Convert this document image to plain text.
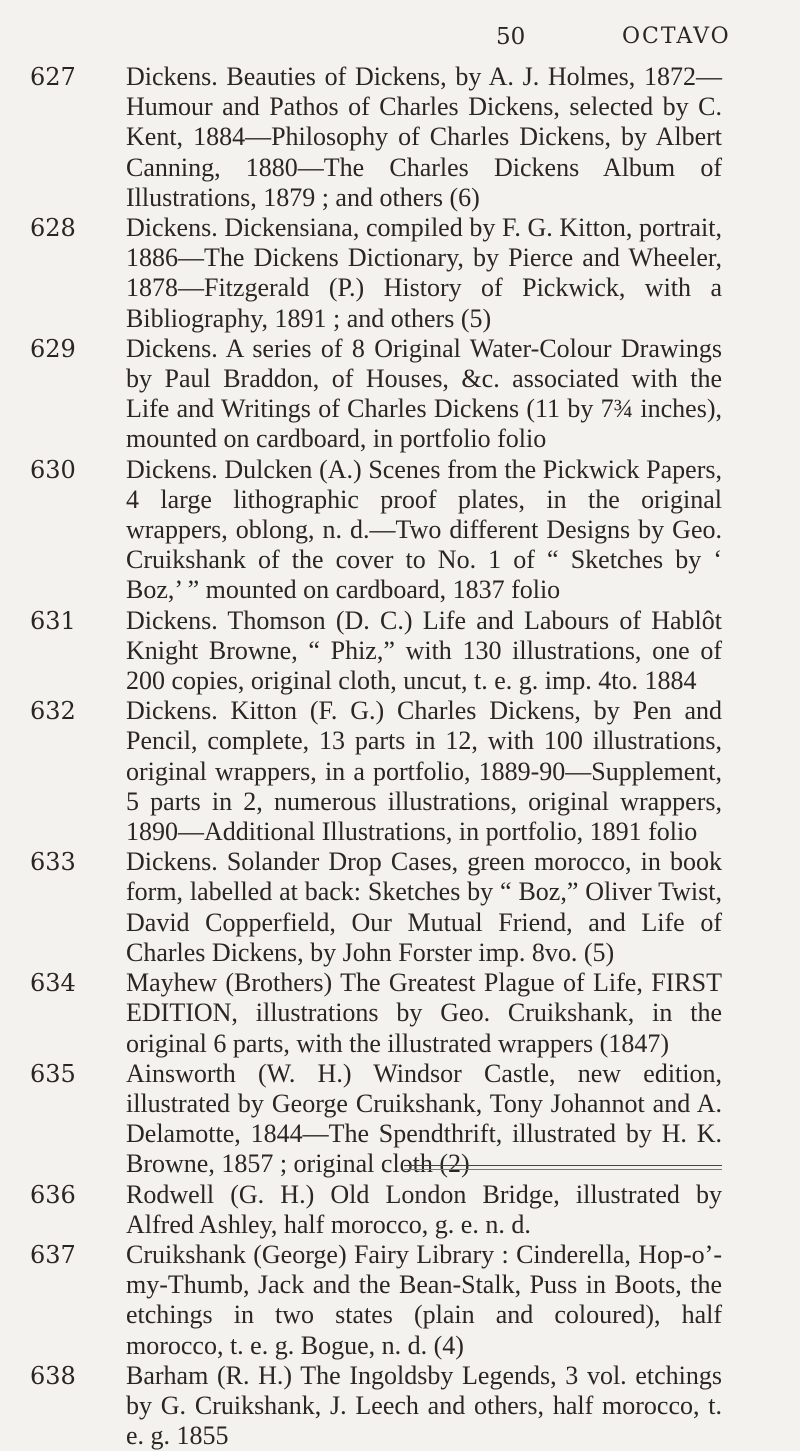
50	OCTAVO
627 Dickens. Beauties of Dickens, by A. J. Holmes, 1872—Humour and Pathos of Charles Dickens, selected by C. Kent, 1884—Philosophy of Charles Dickens, by Albert Canning, 1880—The Charles Dickens Album of Illustrations, 1879 ; and others (6)

628 Dickens. Dickensiana, compiled by F. G. Kitton, portrait, 1886—The Dickens Dictionary, by Pierce and Wheeler, 1878—Fitzgerald (P.) History of Pickwick, with a Bibliography, 1891 ; and others (5)

629 Dickens. A series of 8 Original Water-Colour Drawings by Paul Braddon, of Houses, &c. associated with the Life and Writings of Charles Dickens (11 by 7¾ inches), mounted on cardboard, in portfolio folio

630 Dickens. Dulcken (A.) Scenes from the Pickwick Papers, 4 large lithographic proof plates, in the original wrappers, oblong, n. d.—Two different Designs by Geo. Cruikshank of the cover to No. 1 of “ Sketches by ‘ Boz,’ ” mounted on cardboard, 1837 folio

631 Dickens. Thomson (D. C.) Life and Labours of Hablôt Knight Browne, “ Phiz,” with 130 illustrations, one of 200 copies, original cloth, uncut, t. e. g. imp. 4to. 1884

632 Dickens. Kitton (F. G.) Charles Dickens, by Pen and Pencil, complete, 13 parts in 12, with 100 illustrations, original wrappers, in a portfolio, 1889-90—Supplement, 5 parts in 2, numerous illustrations, original wrappers, 1890—Additional Illustrations, in portfolio, 1891 folio

633 Dickens. Solander Drop Cases, green morocco, in book form, labelled at back: Sketches by “ Boz,” Oliver Twist, David Copperfield, Our Mutual Friend, and Life of Charles Dickens, by John Forster imp. 8vo. (5)

634 Mayhew (Brothers) The Greatest Plague of Life, FIRST EDITION, illustrations by Geo. Cruikshank, in the original 6 parts, with the illustrated wrappers (1847)

635 Ainsworth (W. H.) Windsor Castle, new edition, illustrated by George Cruikshank, Tony Johannot and A. Delamotte, 1844—The Spendthrift, illustrated by H. K. Browne, 1857 ; original cloth (2)

636 Rodwell (G. H.) Old London Bridge, illustrated by Alfred Ashley, half morocco, g. e. n. d.

637 Cruikshank (George) Fairy Library : Cinderella, Hop-o’-my-Thumb, Jack and the Bean-Stalk, Puss in Boots, the etchings in two states (plain and coloured), half morocco, t. e. g. Bogue, n. d. (4)

638 Barham (R. H.) The Ingoldsby Legends, 3 vol. etchings by G. Cruikshank, J. Leech and others, half morocco, t. e. g. 1855
